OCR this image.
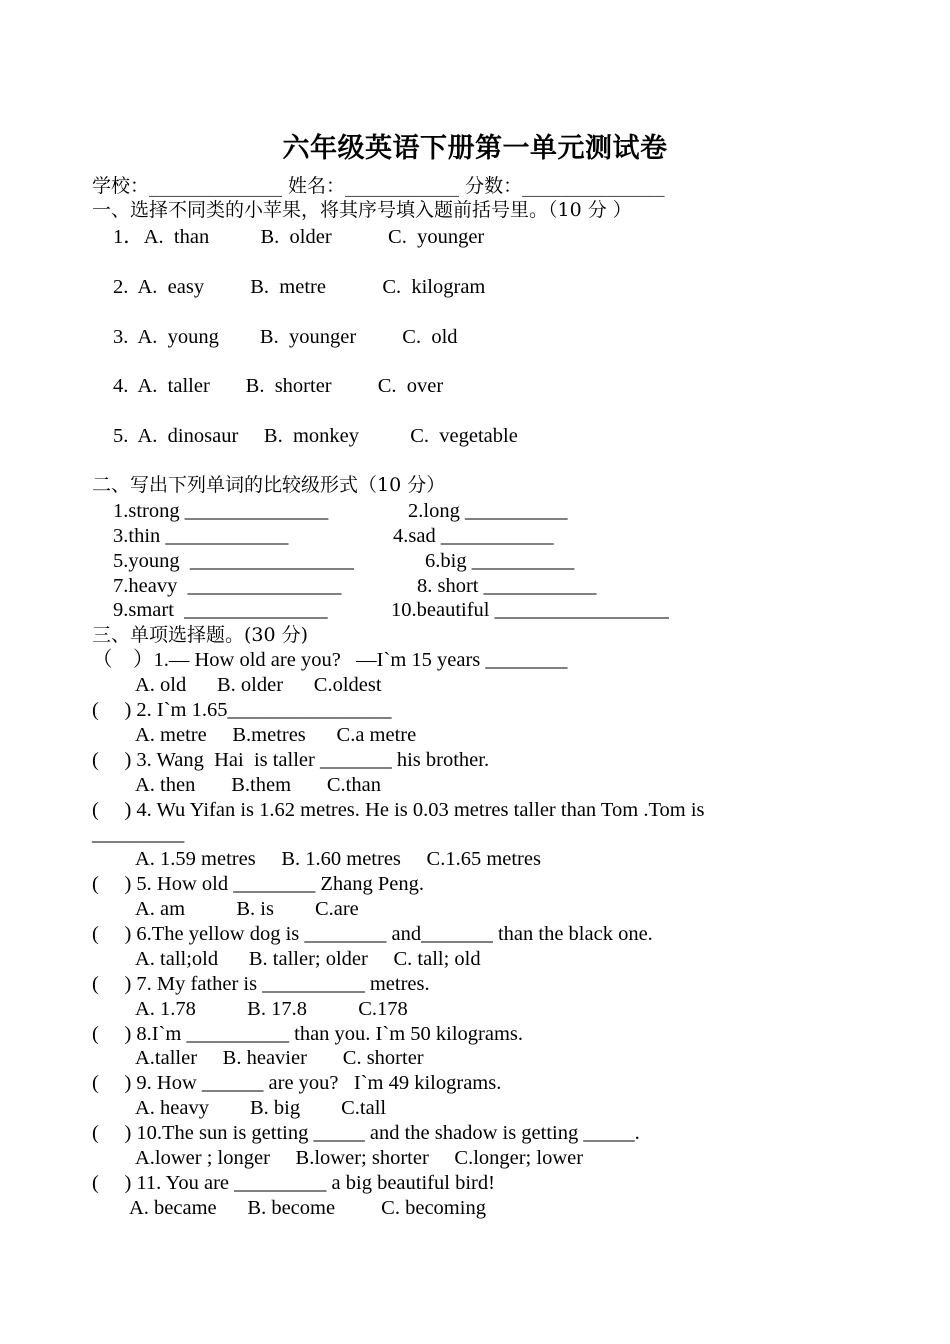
六年级英语下册第一单元测试卷
学校：______________ 姓名：____________ 分数：_______________
一、选择不同类的小苹果，将其序号填入题前括号里。（10 分 ）
1．A.  than          B.  older           C.  younger
2.  A.  easy         B.  metre           C.  kilogram
3.  A.  young        B.  younger         C.  old
4.  A.  taller       B.  shorter         C.  over
5.  A.  dinosaur     B.  monkey          C.  vegetable
二、写出下列单词的比较级形式（10 分）
1.strong ______________	2.long __________
3.thin ____________	4.sad ___________
5.young  ________________	6.big __________
7.heavy  _______________	8. short ___________
9.smart  ______________	10.beautiful _________________
三、单项选择题。(30 分)
（    ）1.— How old are you?   —I`m 15 years ________
A. old      B. older      C.oldest
(     ) 2. I`m 1.65________________
A. metre     B.metres      C.a metre
(     ) 3. Wang  Hai  is taller _______ his brother.
A. then       B.them       C.than
(     ) 4. Wu Yifan is 1.62 metres. He is 0.03 metres taller than Tom .Tom is
_________
A. 1.59 metres     B. 1.60 metres     C.1.65 metres
(     ) 5. How old ________ Zhang Peng.
A. am          B. is        C.are
(     ) 6.The yellow dog is ________ and_______ than the black one.
A. tall;old      B. taller; older     C. tall; old
(     ) 7. My father is __________ metres.
A. 1.78          B. 17.8          C.178
(     ) 8.I`m __________ than you. I`m 50 kilograms.
A.taller     B. heavier       C. shorter
(     ) 9. How ______ are you?   I`m 49 kilograms.
A. heavy        B. big        C.tall
(     ) 10.The sun is getting _____ and the shadow is getting _____.
A.lower ; longer     B.lower; shorter     C.longer; lower
(     ) 11. You are _________ a big beautiful bird!
A. became      B. become         C. becoming
